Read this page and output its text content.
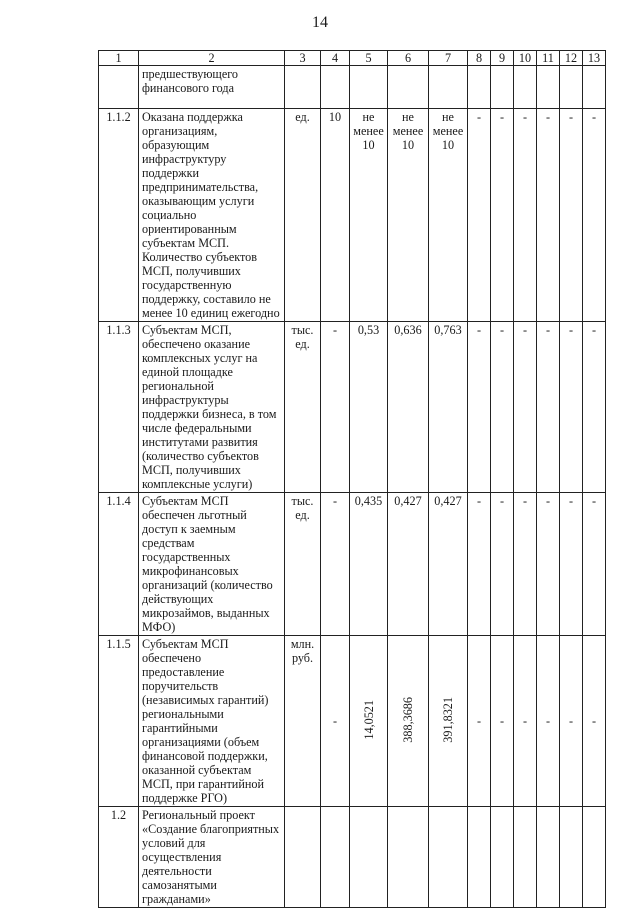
14
1	2	3	4	5	6	7	8	9	10	11	12	13
	предшествующего финансового года											
1.1.2	Оказана поддержка организациям, образующим инфраструктуру поддержки предпринимательства, оказывающим услуги социально ориентированным субъектам МСП. Количество субъектов МСП, получивших государственную поддержку, составило не менее 10 единиц ежегодно	ед.	10	не менее 10	не менее 10	не менее 10	-	-	-	-	-	-
1.1.3	Субъектам МСП, обеспечено оказание комплексных услуг на единой площадке региональной инфраструктуры поддержки бизнеса, в том числе федеральными институтами развития (количество субъектов МСП, получивших комплексные услуги)	тыс. ед.	-	0,53	0,636	0,763	-	-	-	-	-	-
1.1.4	Субъектам МСП обеспечен льготный доступ к заемным средствам государственных микрофинансовых организаций (количество действующих микрозаймов, выданных МФО)	тыс. ед.	-	0,435	0,427	0,427	-	-	-	-	-	-
1.1.5	Субъектам МСП обеспечено предоставление поручительств (независимых гарантий) региональными гарантийными организациями (объем финансовой поддержки, оказанной субъектам МСП, при гарантийной поддержке РГО)	млн. руб.	-	14,0521	388,3686	391,8321	-	-	-	-	-	-
1.2	Региональный проект «Создание благоприятных условий для осуществления деятельности самозанятыми гражданами»											
